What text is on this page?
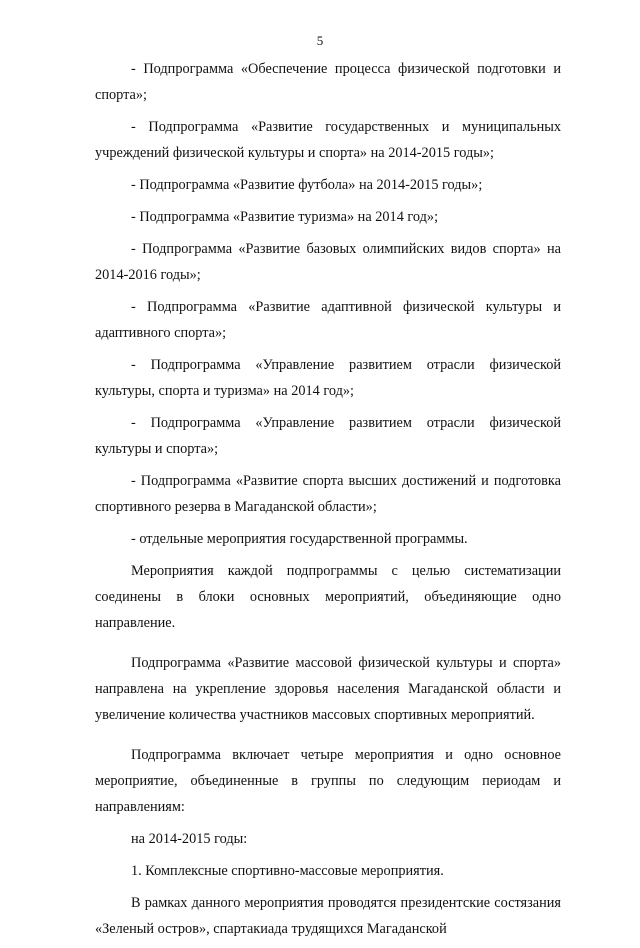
5

- Подпрограмма «Обеспечение процесса физической подготовки и спорта»;

- Подпрограмма «Развитие государственных и муниципальных учреждений физической культуры и спорта» на 2014-2015 годы»;

- Подпрограмма «Развитие футбола» на 2014-2015 годы»;

- Подпрограмма «Развитие туризма» на 2014 год»;

- Подпрограмма «Развитие базовых олимпийских видов спорта» на 2014-2016 годы»;

- Подпрограмма «Развитие адаптивной физической культуры и адаптивного спорта»;

- Подпрограмма «Управление развитием отрасли физической культуры, спорта и туризма» на 2014 год»;

- Подпрограмма «Управление развитием отрасли физической культуры и спорта»;

- Подпрограмма «Развитие спорта высших достижений и подготовка спортивного резерва в Магаданской области»;

- отдельные мероприятия государственной программы.

Мероприятия каждой подпрограммы с целью систематизации соединены в блоки основных мероприятий, объединяющие одно направление.

Подпрограмма «Развитие массовой физической культуры и спорта» направлена на укрепление здоровья населения Магаданской области и увеличение количества участников массовых спортивных мероприятий.

Подпрограмма включает четыре мероприятия и одно основное мероприятие, объединенные в группы по следующим периодам и направлениям:

на 2014-2015 годы:

1. Комплексные спортивно-массовые мероприятия.

В рамках данного мероприятия проводятся президентские состязания «Зеленый остров», спартакиада трудящихся Магаданской
